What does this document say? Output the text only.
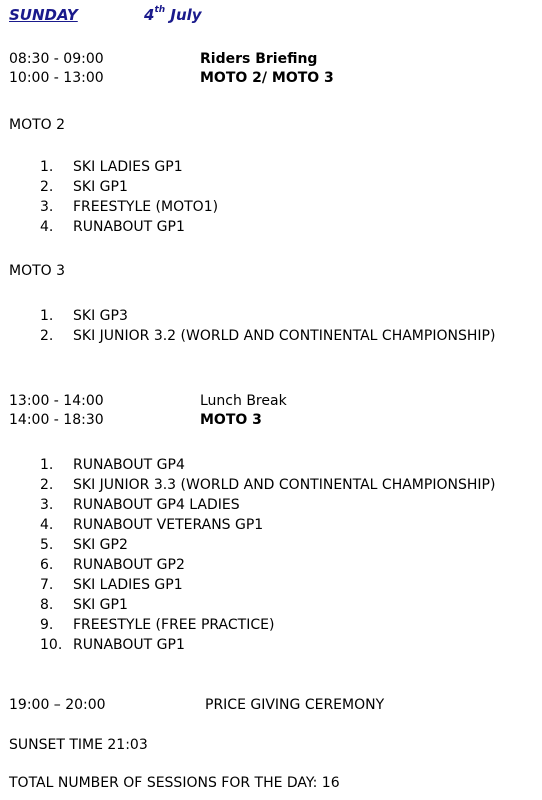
SUNDAY	4th July
08:30 - 09:00	Riders Briefing
10:00 - 13:00	MOTO 2/ MOTO 3
MOTO 2
1. SKI LADIES GP1
2. SKI GP1
3. FREESTYLE (MOTO1)
4. RUNABOUT GP1
MOTO 3
1. SKI GP3
2. SKI JUNIOR 3.2 (WORLD AND CONTINENTAL CHAMPIONSHIP)
13:00 - 14:00	Lunch Break
14:00 - 18:30	MOTO 3
1. RUNABOUT GP4
2. SKI JUNIOR 3.3 (WORLD AND CONTINENTAL CHAMPIONSHIP)
3. RUNABOUT GP4 LADIES
4. RUNABOUT VETERANS GP1
5. SKI GP2
6. RUNABOUT GP2
7. SKI LADIES GP1
8. SKI GP1
9. FREESTYLE (FREE PRACTICE)
10. RUNABOUT GP1
19:00 – 20:00	PRICE GIVING CEREMONY
SUNSET TIME 21:03
TOTAL NUMBER OF SESSIONS FOR THE DAY: 16
